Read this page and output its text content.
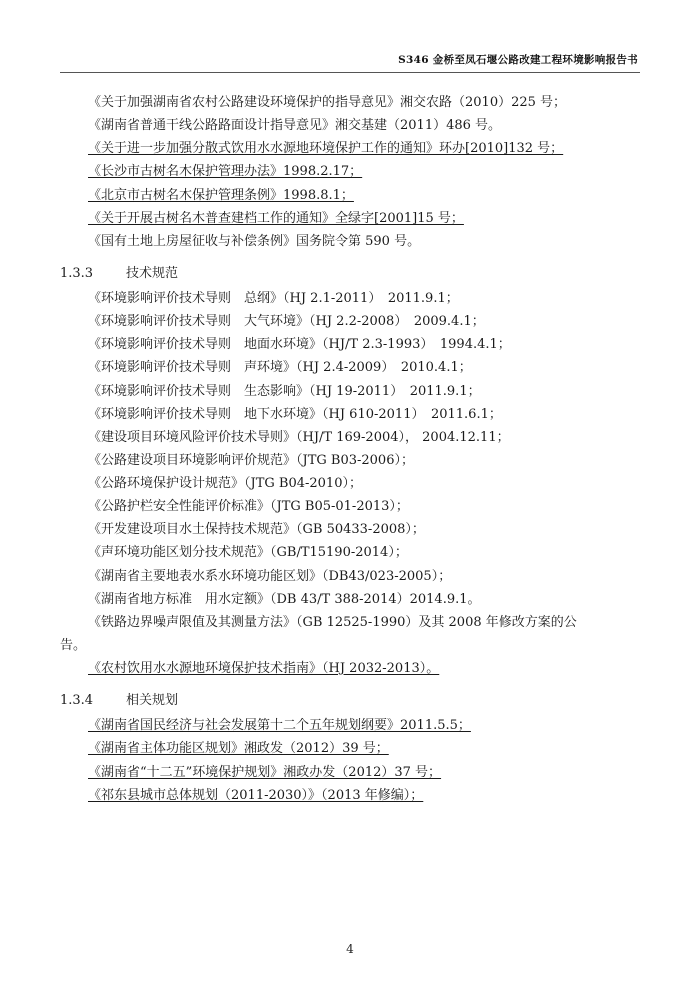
S346 金桥至凤石堰公路改建工程环境影响报告书
《关于加强湖南省农村公路建设环境保护的指导意见》湘交农路（2010）225 号；
《湖南省普通干线公路路面设计指导意见》湘交基建（2011）486 号。
《关于进一步加强分散式饮用水水源地环境保护工作的通知》环办[2010]132 号；
《长沙市古树名木保护管理办法》1998.2.17；
《北京市古树名木保护管理条例》1998.8.1；
《关于开展古树名木普查建档工作的通知》全绿字[2001]15 号；
《国有土地上房屋征收与补偿条例》国务院令第 590 号。
1.3.3	技术规范
《环境影响评价技术导则　总纲》（HJ 2.1-2011）　2011.9.1；
《环境影响评价技术导则　大气环境》（HJ 2.2-2008）　2009.4.1；
《环境影响评价技术导则　地面水环境》（HJ/T 2.3-1993）　1994.4.1；
《环境影响评价技术导则　声环境》（HJ 2.4-2009）　2010.4.1；
《环境影响评价技术导则　生态影响》（HJ 19-2011）　2011.9.1；
《环境影响评价技术导则　地下水环境》（HJ 610-2011）　2011.6.1；
《建设项目环境风险评价技术导则》（HJ/T 169-2004）， 2004.12.11；
《公路建设项目环境影响评价规范》（JTG B03-2006）；
《公路环境保护设计规范》（JTG B04-2010）；
《公路护栏安全性能评价标准》（JTG B05-01-2013）；
《开发建设项目水土保持技术规范》（GB 50433-2008）；
《声环境功能区划分技术规范》（GB/T15190-2014）；
《湖南省主要地表水系水环境功能区划》（DB43/023-2005）；
《湖南省地方标准　用水定额》（DB 43/T 388-2014）2014.9.1。
《铁路边界噪声限值及其测量方法》（GB 12525-1990）及其 2008 年修改方案的公
告。
《农村饮用水水源地环境保护技术指南》（HJ 2032-2013）。
1.3.4	相关规划
《湖南省国民经济与社会发展第十二个五年规划纲要》2011.5.5；
《湖南省主体功能区规划》湘政发（2012）39 号；
《湖南省“十二五”环境保护规划》湘政办发（2012）37 号；
《祁东县城市总体规划（2011-2030）》（2013 年修编）；
4
